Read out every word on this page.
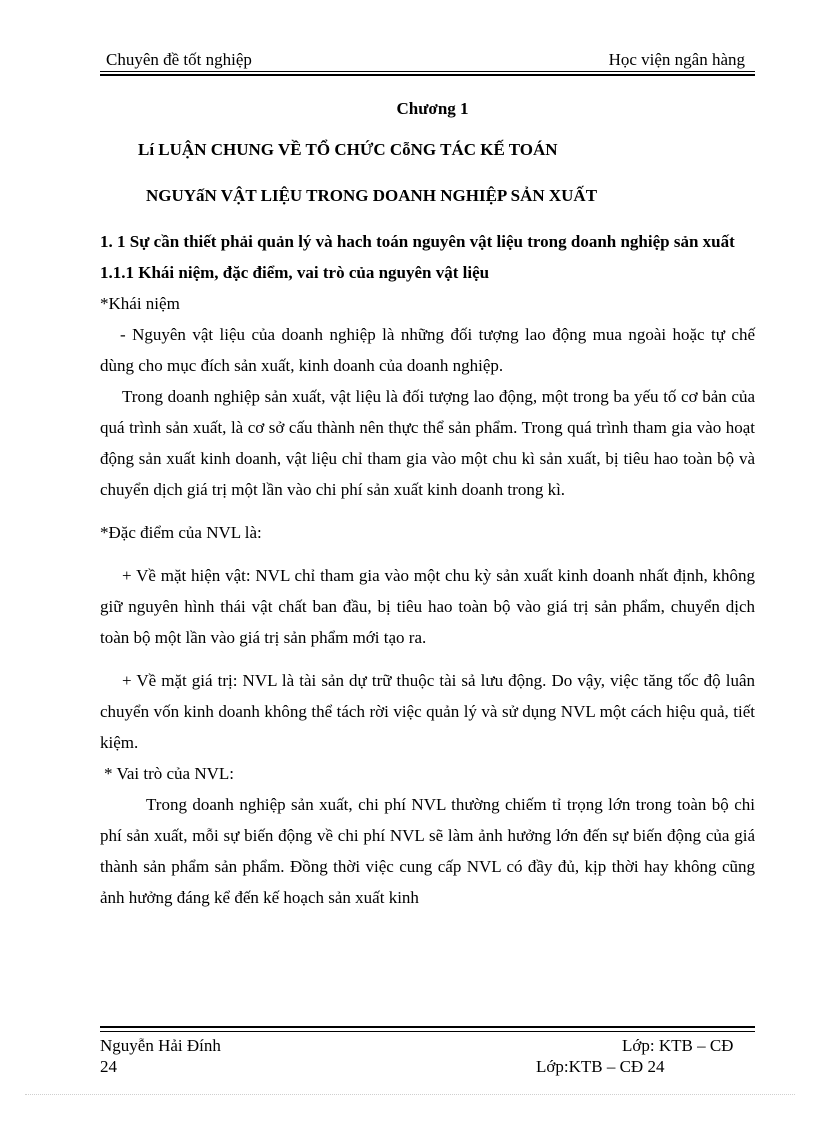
Chuyên đề tốt nghiệp	Học viện ngân hàng

Chương 1

Lí LUẬN CHUNG VỀ TỔ CHỨC CỗNG TÁC KẾ TOÁN

NGUYấN VẬT LIỆU TRONG DOANH NGHIỆP SẢN XUẤT

1. 1 Sự cần thiết phải quản lý và hach toán nguyên vật liệu trong doanh nghiệp sản xuất

1.1.1 Khái niệm, đặc điểm, vai trò của nguyên vật liệu

*Khái niệm

- Nguyên vật liệu của doanh nghiệp là những đối tượng lao động mua ngoài hoặc tự chế dùng cho mục đích sản xuất, kinh doanh của doanh nghiệp.

Trong doanh nghiệp sản xuất, vật liệu là đối tượng lao động, một trong ba yếu tố cơ bản của quá trình sản xuất, là cơ sở cấu thành nên thực thể sản phẩm. Trong quá trình tham gia vào hoạt động sản xuất kinh doanh, vật liệu chỉ tham gia vào một chu kì sản xuất, bị tiêu hao toàn bộ và chuyển dịch giá trị một lần vào chi phí sản xuất kinh doanh trong kì.

*Đặc điểm của NVL là:

+ Về mặt hiện vật: NVL chỉ tham gia vào một chu kỳ sản xuất kinh doanh nhất định, không giữ nguyên hình thái vật chất ban đầu, bị tiêu hao toàn bộ vào giá trị sản phẩm, chuyển dịch toàn bộ một lần vào giá trị sản phẩm mới tạo ra.

+ Về mặt giá trị: NVL là tài sản dự trữ thuộc tài sả lưu động. Do vậy, việc tăng tốc độ luân chuyển vốn kinh doanh không thể tách rời việc quản lý và sử dụng NVL một cách hiệu quả, tiết kiệm.

* Vai trò của NVL:

Trong doanh nghiệp sản xuất, chi phí NVL thường chiếm tỉ trọng lớn trong toàn bộ chi phí sản xuất, mỗi sự biến động về chi phí NVL sẽ làm ảnh hưởng lớn đến sự biến động của giá thành sản phẩm sản phẩm. Đồng thời việc cung cấp NVL có đầy đủ, kịp thời hay không cũng ảnh hưởng đáng kể đến kế hoạch sản xuất kinh

Nguyễn Hải Đính	Lớp: KTB – CĐ
24	Lớp:KTB – CĐ 24
